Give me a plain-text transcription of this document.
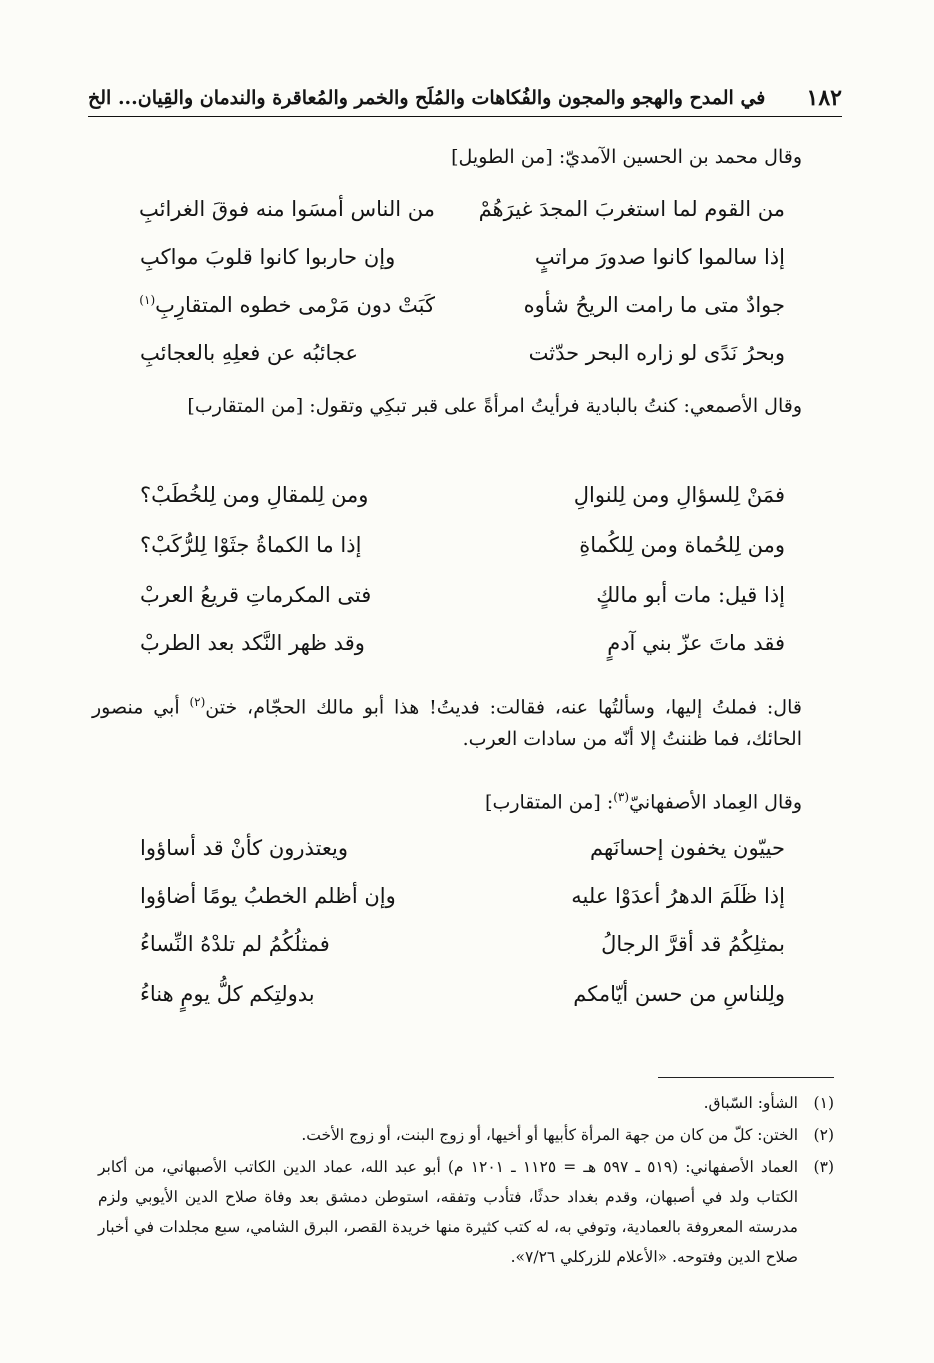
١٨٢
في المدح والهجو والمجون والفُكاهات والمُلَح والخمر والمُعاقرة والندمان والقِيان... الخ
وقال محمد بن الحسين الآمديّ: [من الطويل]
من القوم لما استغربَ المجدَ غيرَهُمْ
من الناس أمسَوا منه فوقَ الغرائبِ
إذا سالموا كانوا صدورَ مراتبٍ
وإن حاربوا كانوا قلوبَ مواكبِ
جوادٌ متى ما رامت الريحُ شأوه
كَبَتْ دون مَرْمى خطوه المتقارِبِ$^{(١)}$
وبحرُ نَدًى لو زاره البحر حدّثت
عجائبُه عن فعلِهِ بالعجائبِ
وقال الأصمعي: كنتُ بالبادية فرأيتُ امرأةً على قبر تبكِي وتقول: [من المتقارب]
فمَنْ لِلسؤالِ ومن لِلنوالِ
ومن لِلمقالِ ومن لِلخُطَبْ؟
ومن لِلحُماة ومن لِلكُماةِ
إذا ما الكماةُ جثَوْا لِلرُّكَبْ؟
إذا قيل: مات أبو مالكٍ
فتى المكرماتِ قريعُ العربْ
فقد ماتَ عزّ بني آدمٍ
وقد ظهر النَّكد بعد الطربْ
قال: فملتُ إليها، وسألتُها عنه، فقالت: فديتُ! هذا أبو مالك الحجّام، ختن$^{(٢)}$ أبي منصور الحائك، فما ظننتُ إلا أنّه من سادات العرب.
وقال العِماد الأصفهانيّ$^{(٣)}$: [من المتقارب]
حييّون يخفون إحسانَهم
ويعتذرون كأنْ قد أساؤوا
إذا ظَلَمَ الدهرُ أعدَوْا عليه
وإن أظلم الخطبُ يومًا أضاؤوا
بمثلِكُمُ قد أقرَّ الرجالُ
فمثلُكُمُ لم تلدْهُ النِّساءُ
ولِلناسِ من حسن أيّامكم
بدولتِكم كلُّ يومٍ هناءُ
(١)الشأو: السّباق.
(٢)الختن: كلّ من كان من جهة المرأة كأبيها أو أخيها، أو زوج البنت، أو زوج الأخت.
(٣)
العماد الأصفهاني: (٥١٩ ـ ٥٩٧ هـ = ١١٢٥ ـ ١٢٠١ م) أبو عبد الله، عماد الدين الكاتب الأصبهاني، من أكابر الكتاب ولد في أصبهان، وقدم بغداد حدثًا، فتأدب وتفقه، استوطن دمشق بعد وفاة صلاح الدين الأيوبي ولزم مدرسته المعروفة بالعمادية، وتوفي به، له كتب كثيرة منها خريدة القصر، البرق الشامي، سبع مجلدات في أخبار صلاح الدين وفتوحه. «الأعلام للزركلي ٧/٢٦».
